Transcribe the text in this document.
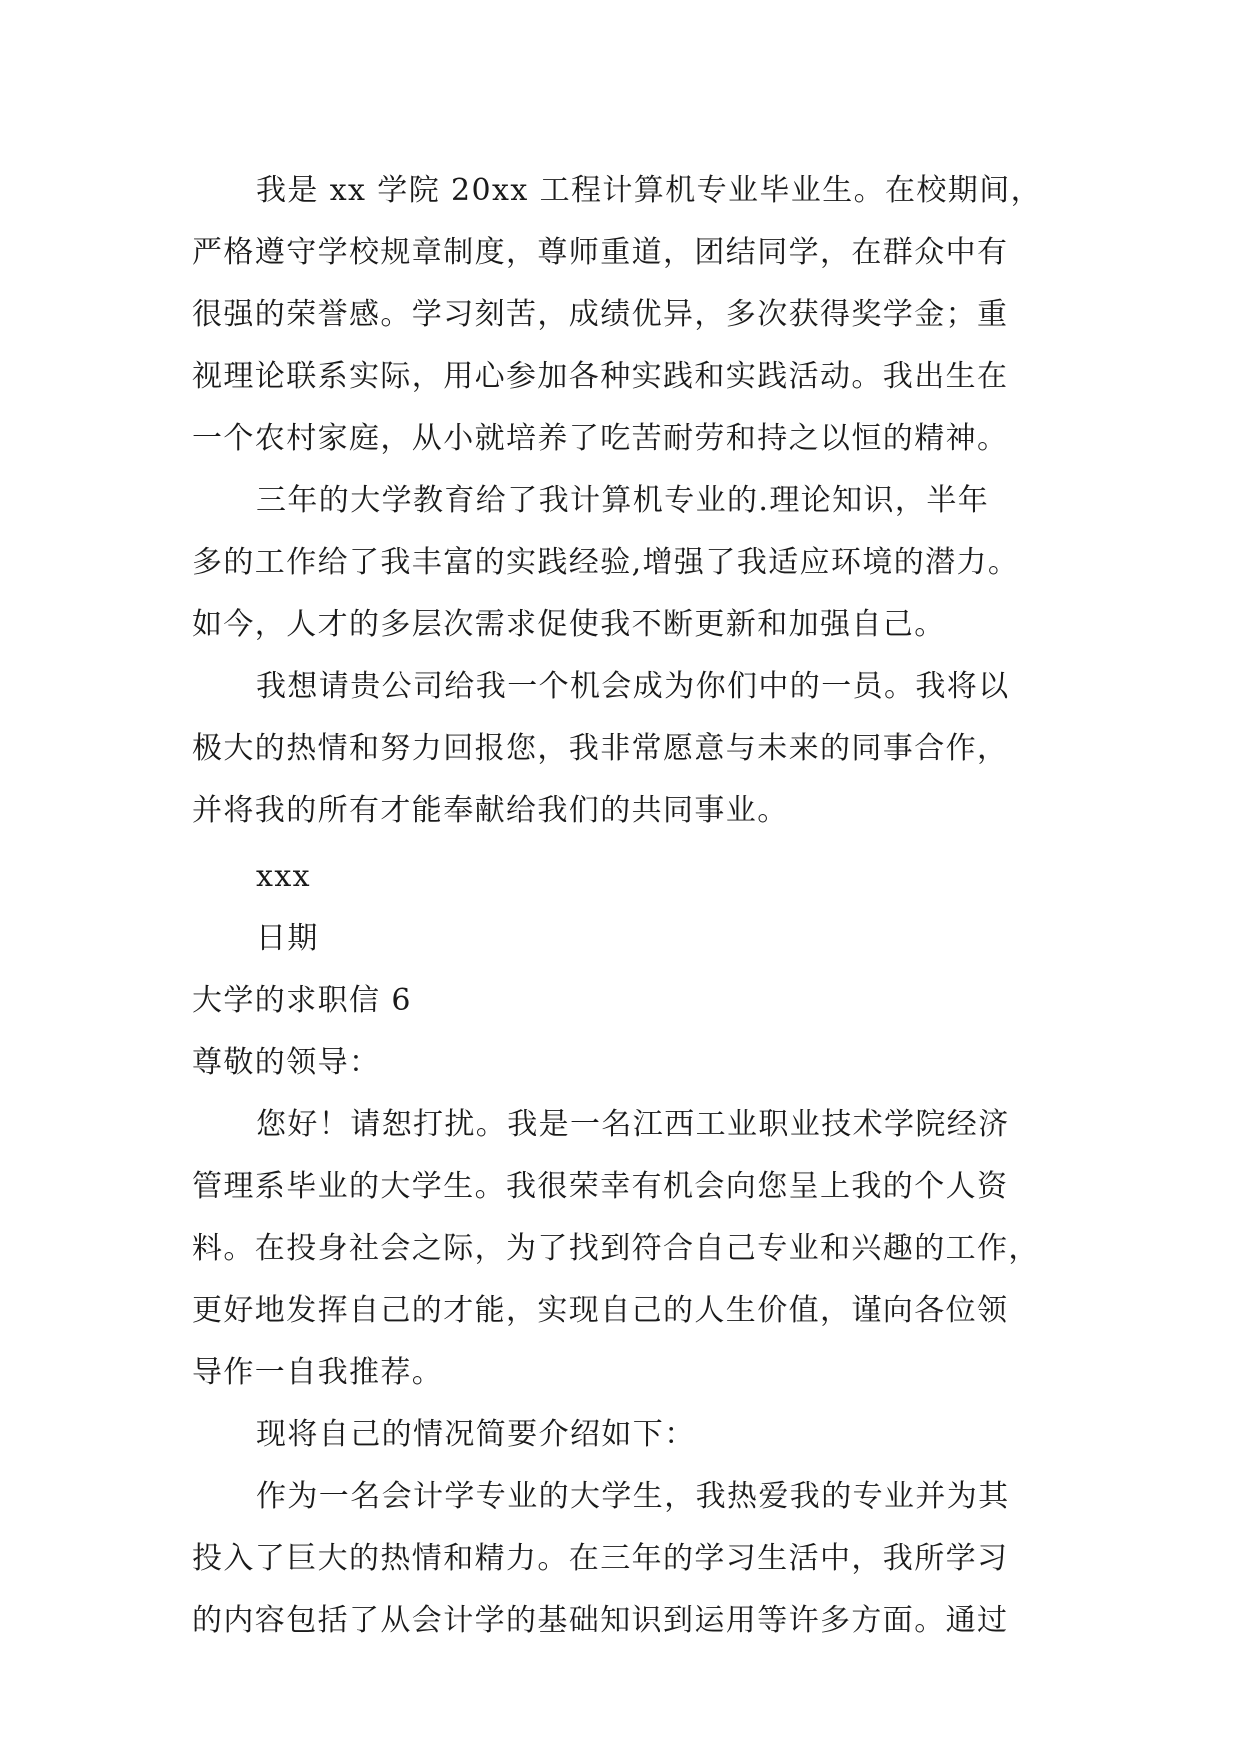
我是 xx 学院 20xx 工程计算机专业毕业生。在校期间，

严格遵守学校规章制度，尊师重道，团结同学，在群众中有

很强的荣誉感。学习刻苦，成绩优异，多次获得奖学金；重

视理论联系实际，用心参加各种实践和实践活动。我出生在

一个农村家庭，从小就培养了吃苦耐劳和持之以恒的精神。

三年的大学教育给了我计算机专业的.理论知识，半年

多的工作给了我丰富的实践经验,增强了我适应环境的潜力。

如今，人才的多层次需求促使我不断更新和加强自己。

我想请贵公司给我一个机会成为你们中的一员。我将以

极大的热情和努力回报您，我非常愿意与未来的同事合作，

并将我的所有才能奉献给我们的共同事业。

xxx

日期

大学的求职信 6

尊敬的领导：

您好！请恕打扰。我是一名江西工业职业技术学院经济

管理系毕业的大学生。我很荣幸有机会向您呈上我的个人资

料。在投身社会之际，为了找到符合自己专业和兴趣的工作，

更好地发挥自己的才能，实现自己的人生价值，谨向各位领

导作一自我推荐。

现将自己的情况简要介绍如下：

作为一名会计学专业的大学生，我热爱我的专业并为其

投入了巨大的热情和精力。在三年的学习生活中，我所学习

的内容包括了从会计学的基础知识到运用等许多方面。通过
